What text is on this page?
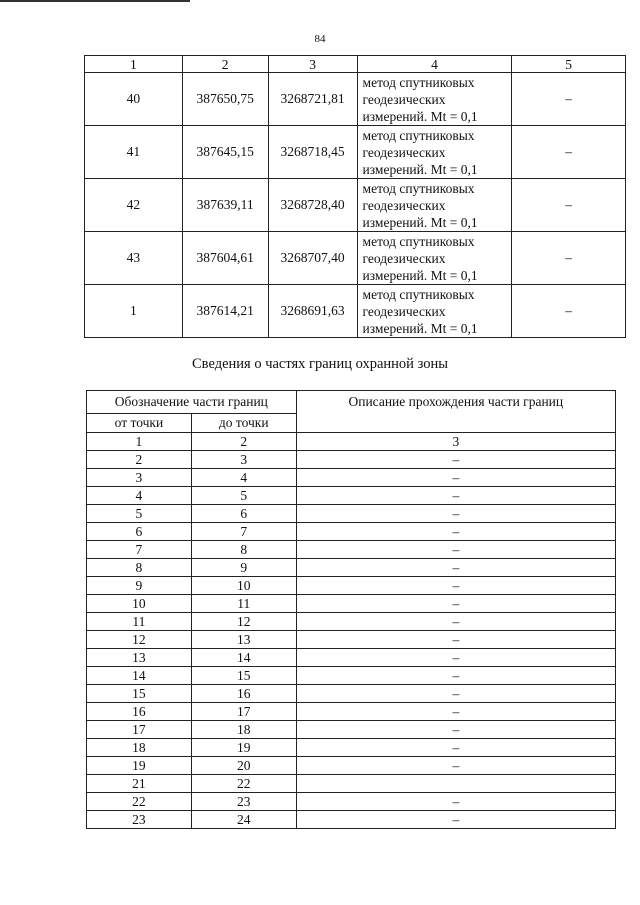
84
1	2	3	4	5
40	387650,75	3268721,81	метод спутниковых
геодезических
измерений. Mt = 0,1	–
41	387645,15	3268718,45	метод спутниковых
геодезических
измерений. Mt = 0,1	–
42	387639,11	3268728,40	метод спутниковых
геодезических
измерений. Mt = 0,1	–
43	387604,61	3268707,40	метод спутниковых
геодезических
измерений. Mt = 0,1	–
1	387614,21	3268691,63	метод спутниковых
геодезических
измерений. Mt = 0,1	–
Сведения о частях границ охранной зоны
Обозначение части границ		Описание прохождения части границ
от точки	до точки	
1	2	3
2	3	–
3	4	–
4	5	–
5	6	–
6	7	–
7	8	–
8	9	–
9	10	–
10	11	–
11	12	–
12	13	–
13	14	–
14	15	–
15	16	–
16	17	–
17	18	–
18	19	–
19	20	–
21	22	
22	23	–
23	24	–
